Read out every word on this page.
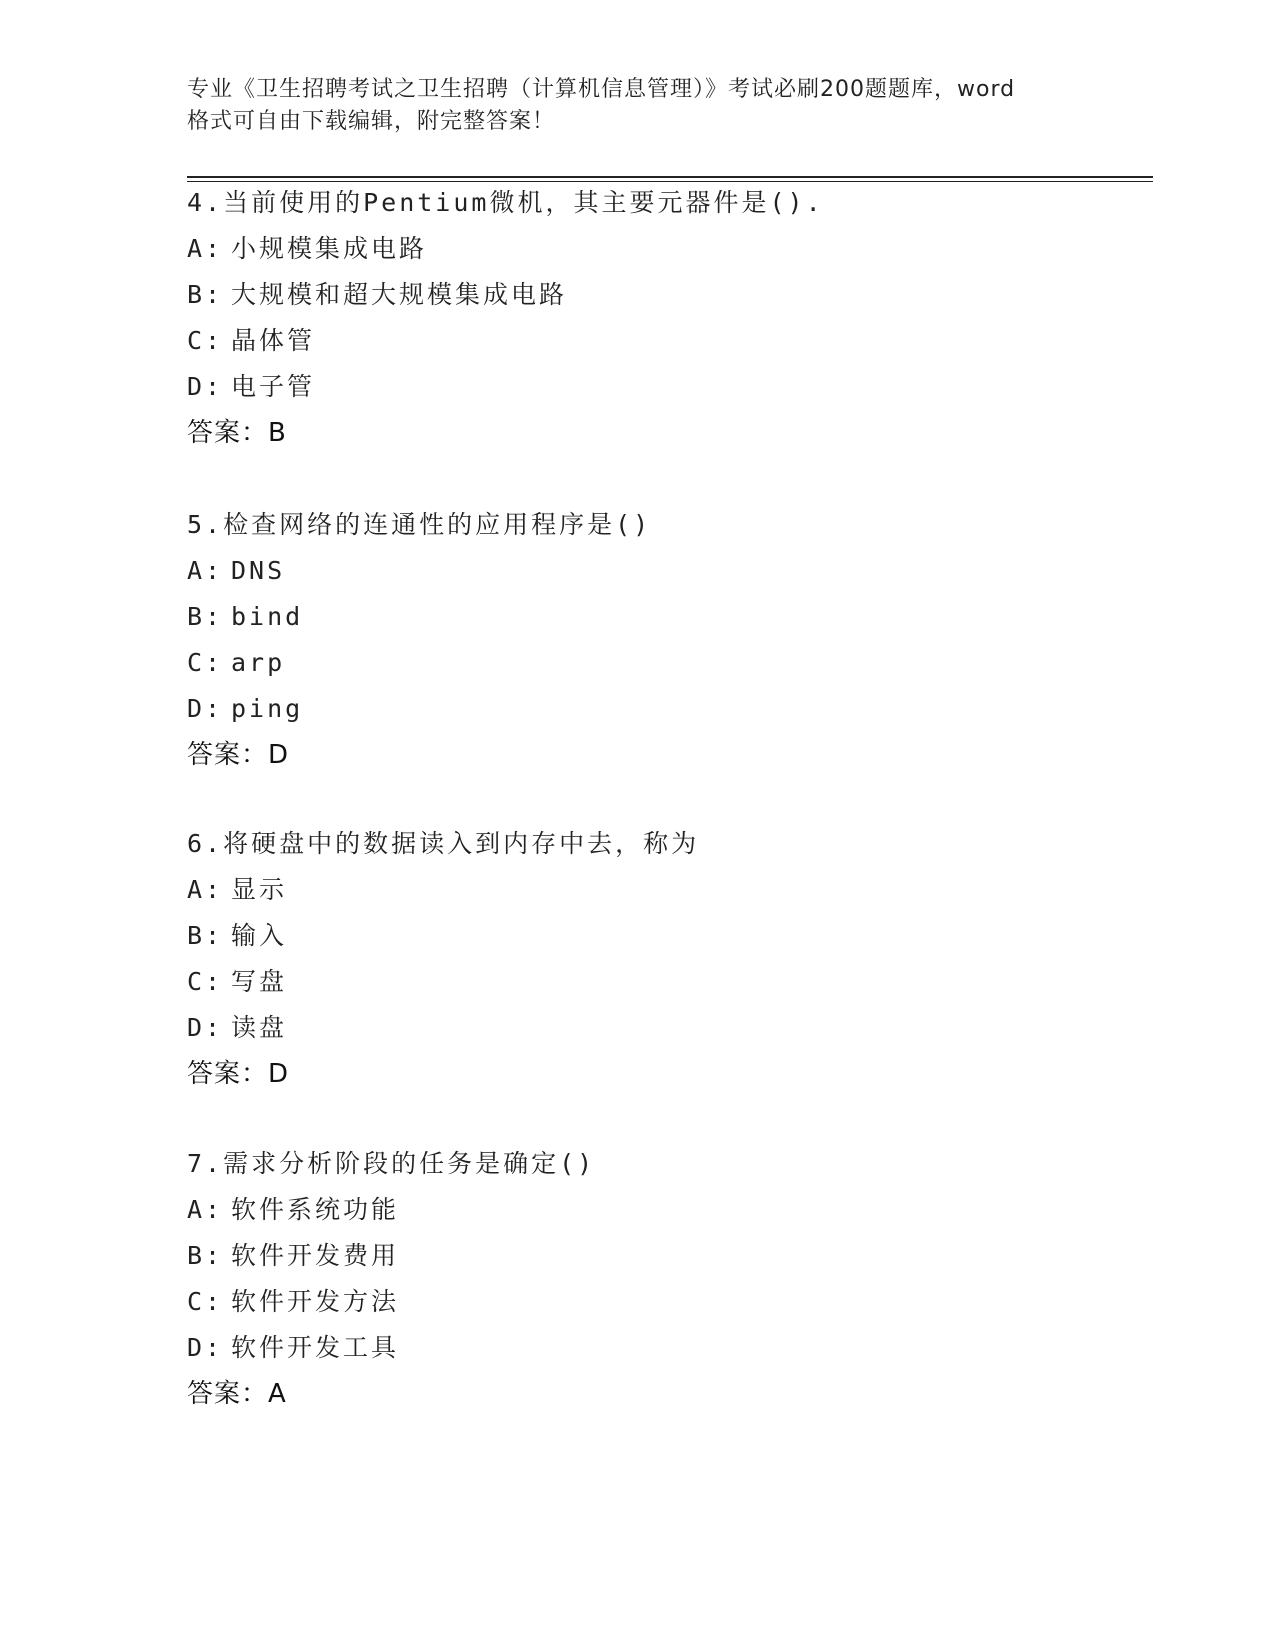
专业《卫生招聘考试之卫生招聘（计算机信息管理）》考试必刷200题题库，word
格式可自由下载编辑，附完整答案！
4.当前使用的Pentium微机，其主要元器件是().
A: 小规模集成电路
B: 大规模和超大规模集成电路
C: 晶体管
D: 电子管
答案：B
5.检查网络的连通性的应用程序是()
A: DNS
B: bind
C: arp
D: ping
答案：D
6.将硬盘中的数据读入到内存中去，称为
A: 显示
B: 输入
C: 写盘
D: 读盘
答案：D
7.需求分析阶段的任务是确定()
A: 软件系统功能
B: 软件开发费用
C: 软件开发方法
D: 软件开发工具
答案：A
